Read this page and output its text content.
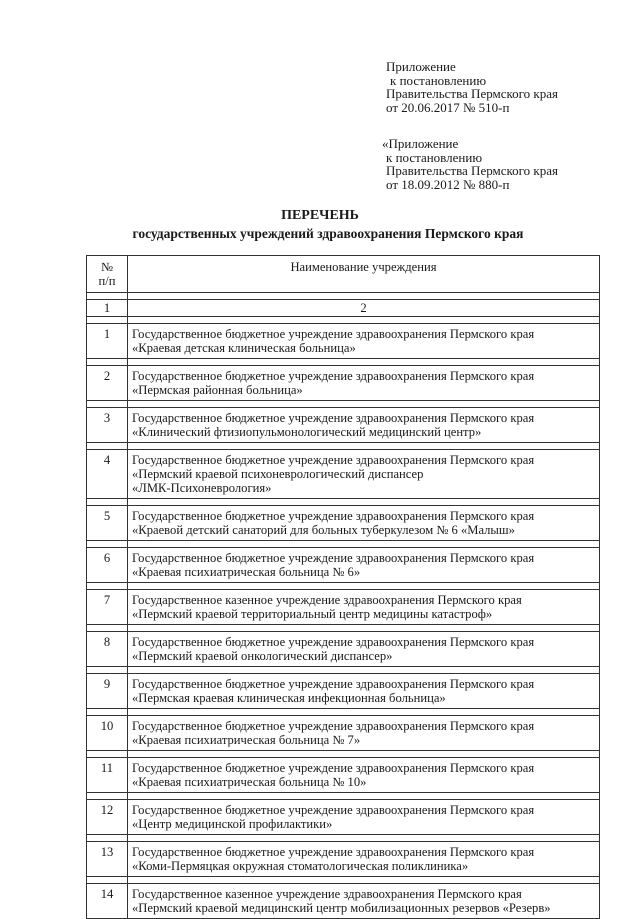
Приложение
к постановлению
Правительства Пермского края
от 20.06.2017 № 510-п
«Приложение
к постановлению
Правительства Пермского края
от 18.09.2012 № 880-п
ПЕРЕЧЕНЬ
государственных учреждений здравоохранения Пермского края
№
п/п	Наименование учреждения

1	2

1	Государственное бюджетное учреждение здравоохранения Пермского края
«Краевая детская клиническая больница»

2	Государственное бюджетное учреждение здравоохранения Пермского края
«Пермская районная больница»

3	Государственное бюджетное учреждение здравоохранения Пермского края
«Клинический фтизиопульмонологический медицинский центр»

4	Государственное бюджетное учреждение здравоохранения Пермского края
«Пермский краевой психоневрологический диспансер
«ЛМК-Психоневрология»

5	Государственное бюджетное учреждение здравоохранения Пермского края
«Краевой детский санаторий для больных туберкулезом № 6 «Малыш»

6	Государственное бюджетное учреждение здравоохранения Пермского края
«Краевая психиатрическая больница № 6»

7	Государственное казенное учреждение здравоохранения Пермского края
«Пермский краевой территориальный центр медицины катастроф»

8	Государственное бюджетное учреждение здравоохранения Пермского края
«Пермский краевой онкологический диспансер»

9	Государственное бюджетное учреждение здравоохранения Пермского края
«Пермская краевая клиническая инфекционная больница»

10	Государственное бюджетное учреждение здравоохранения Пермского края
«Краевая психиатрическая больница № 7»

11	Государственное бюджетное учреждение здравоохранения Пермского края
«Краевая психиатрическая больница № 10»

12	Государственное бюджетное учреждение здравоохранения Пермского края
«Центр медицинской профилактики»

13	Государственное бюджетное учреждение здравоохранения Пермского края
«Коми-Пермяцкая окружная стоматологическая поликлиника»

14	Государственное казенное учреждение здравоохранения Пермского края
«Пермский краевой медицинский центр мобилизационных резервов «Резерв»
